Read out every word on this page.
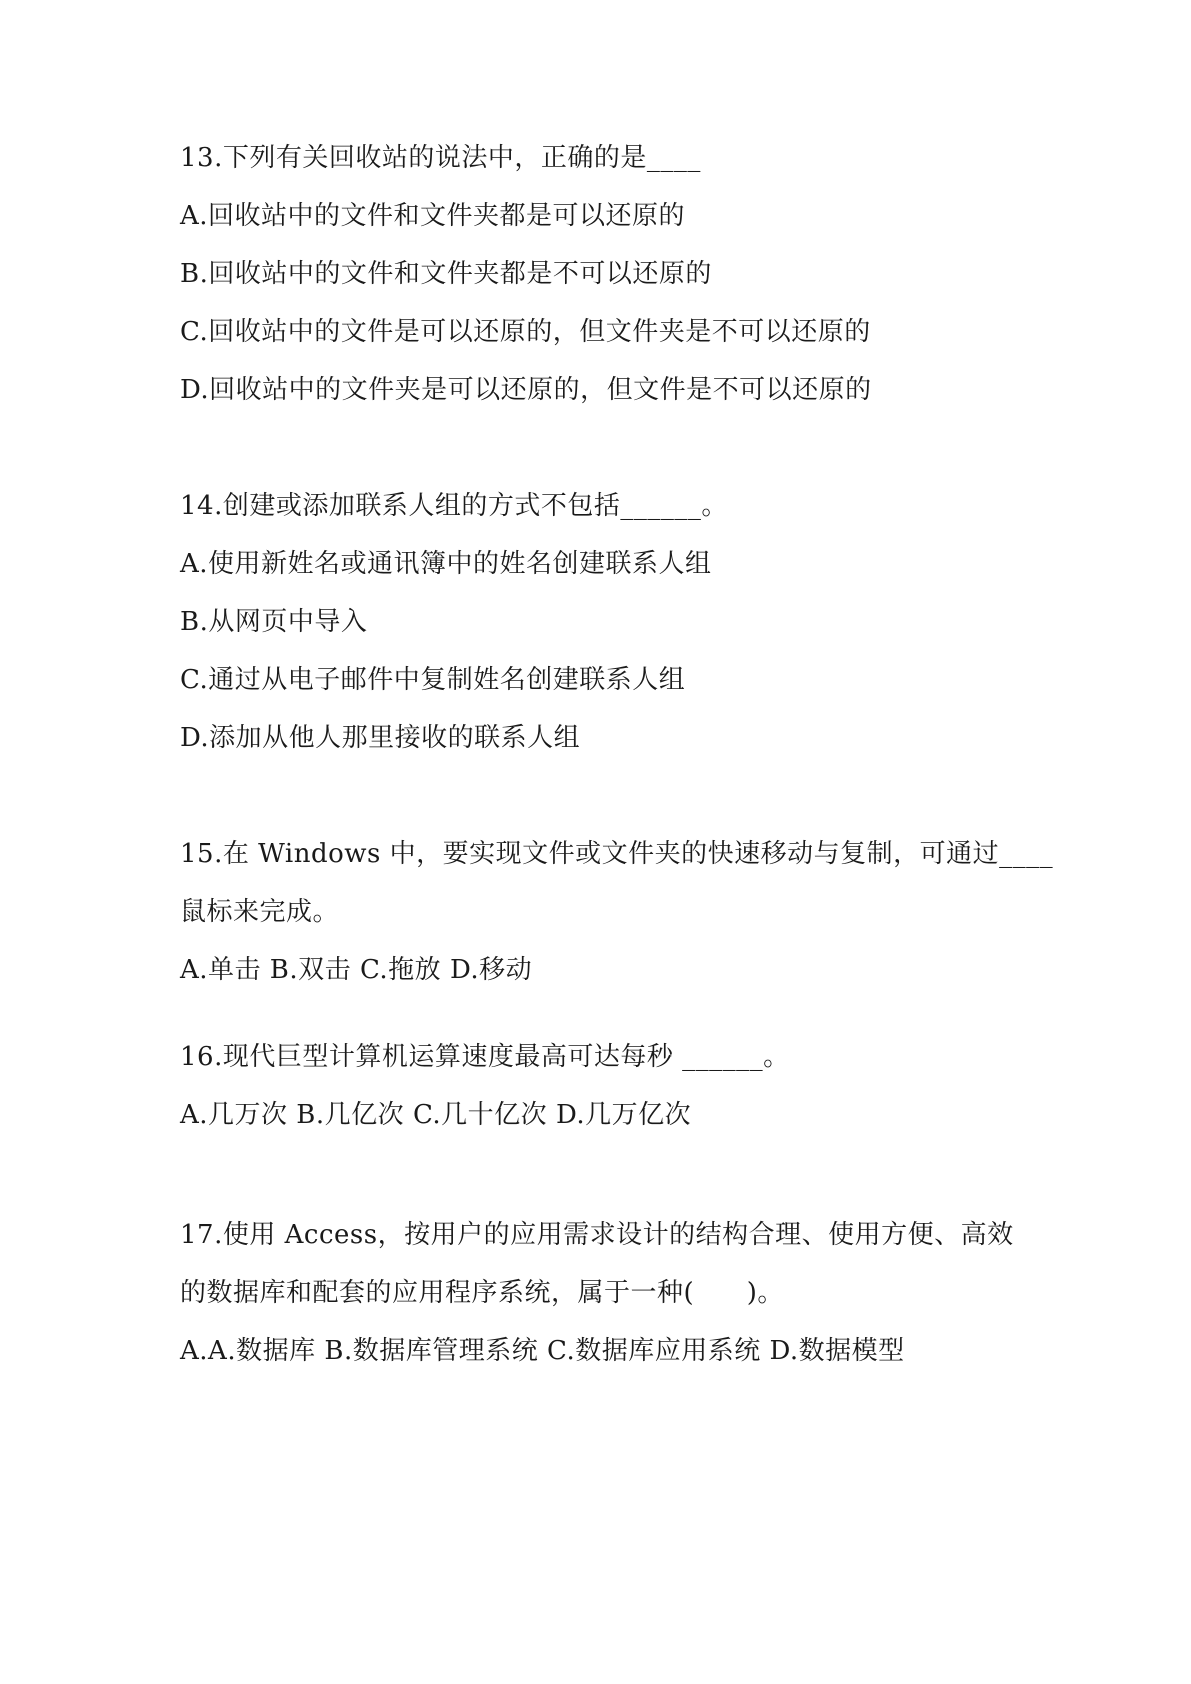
13.下列有关回收站的说法中，正确的是____
A.回收站中的文件和文件夹都是可以还原的
B.回收站中的文件和文件夹都是不可以还原的
C.回收站中的文件是可以还原的，但文件夹是不可以还原的
D.回收站中的文件夹是可以还原的，但文件是不可以还原的
14.创建或添加联系人组的方式不包括______。
A.使用新姓名或通讯簿中的姓名创建联系人组
B.从网页中导入
C.通过从电子邮件中复制姓名创建联系人组
D.添加从他人那里接收的联系人组
15.在 Windows 中，要实现文件或文件夹的快速移动与复制，可通过____
鼠标来完成。
A.单击 B.双击 C.拖放 D.移动
16.现代巨型计算机运算速度最高可达每秒 ______。
A.几万次 B.几亿次 C.几十亿次 D.几万亿次
17.使用 Access，按用户的应用需求设计的结构合理、使用方便、高效
的数据库和配套的应用程序系统，属于一种(      )。
A.A.数据库 B.数据库管理系统 C.数据库应用系统 D.数据模型
